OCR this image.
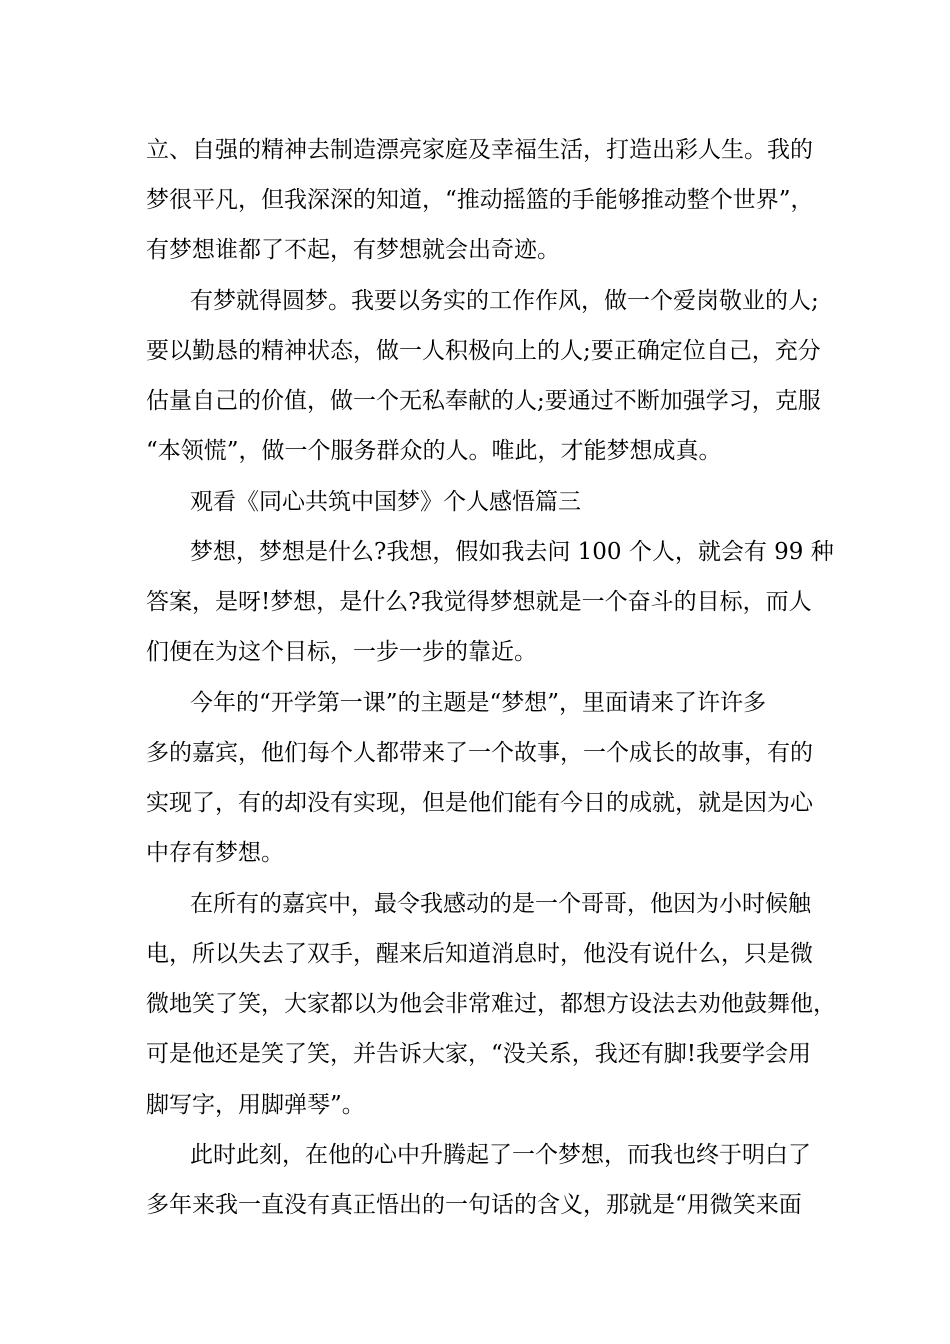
立、自强的精神去制造漂亮家庭及幸福生活，打造出彩人生。我的
梦很平凡，但我深深的知道，“推动摇篮的手能够推动整个世界”，
有梦想谁都了不起，有梦想就会出奇迹。
有梦就得圆梦。我要以务实的工作作风，做一个爱岗敬业的人;
要以勤恳的精神状态，做一人积极向上的人;要正确定位自己，充分
估量自己的价值，做一个无私奉献的人;要通过不断加强学习，克服
“本领慌”，做一个服务群众的人。唯此，才能梦想成真。
观看《同心共筑中国梦》个人感悟篇三
梦想，梦想是什么?我想，假如我去问 100 个人，就会有 99 种
答案，是呀!梦想，是什么?我觉得梦想就是一个奋斗的目标，而人
们便在为这个目标，一步一步的靠近。
今年的“开学第一课”的主题是“梦想”，里面请来了许许多
多的嘉宾，他们每个人都带来了一个故事，一个成长的故事，有的
实现了，有的却没有实现，但是他们能有今日的成就，就是因为心
中存有梦想。
在所有的嘉宾中，最令我感动的是一个哥哥，他因为小时候触
电，所以失去了双手，醒来后知道消息时，他没有说什么，只是微
微地笑了笑，大家都以为他会非常难过，都想方设法去劝他鼓舞他，
可是他还是笑了笑，并告诉大家，“没关系，我还有脚!我要学会用
脚写字，用脚弹琴”。
此时此刻，在他的心中升腾起了一个梦想，而我也终于明白了
多年来我一直没有真正悟出的一句话的含义，那就是“用微笑来面
